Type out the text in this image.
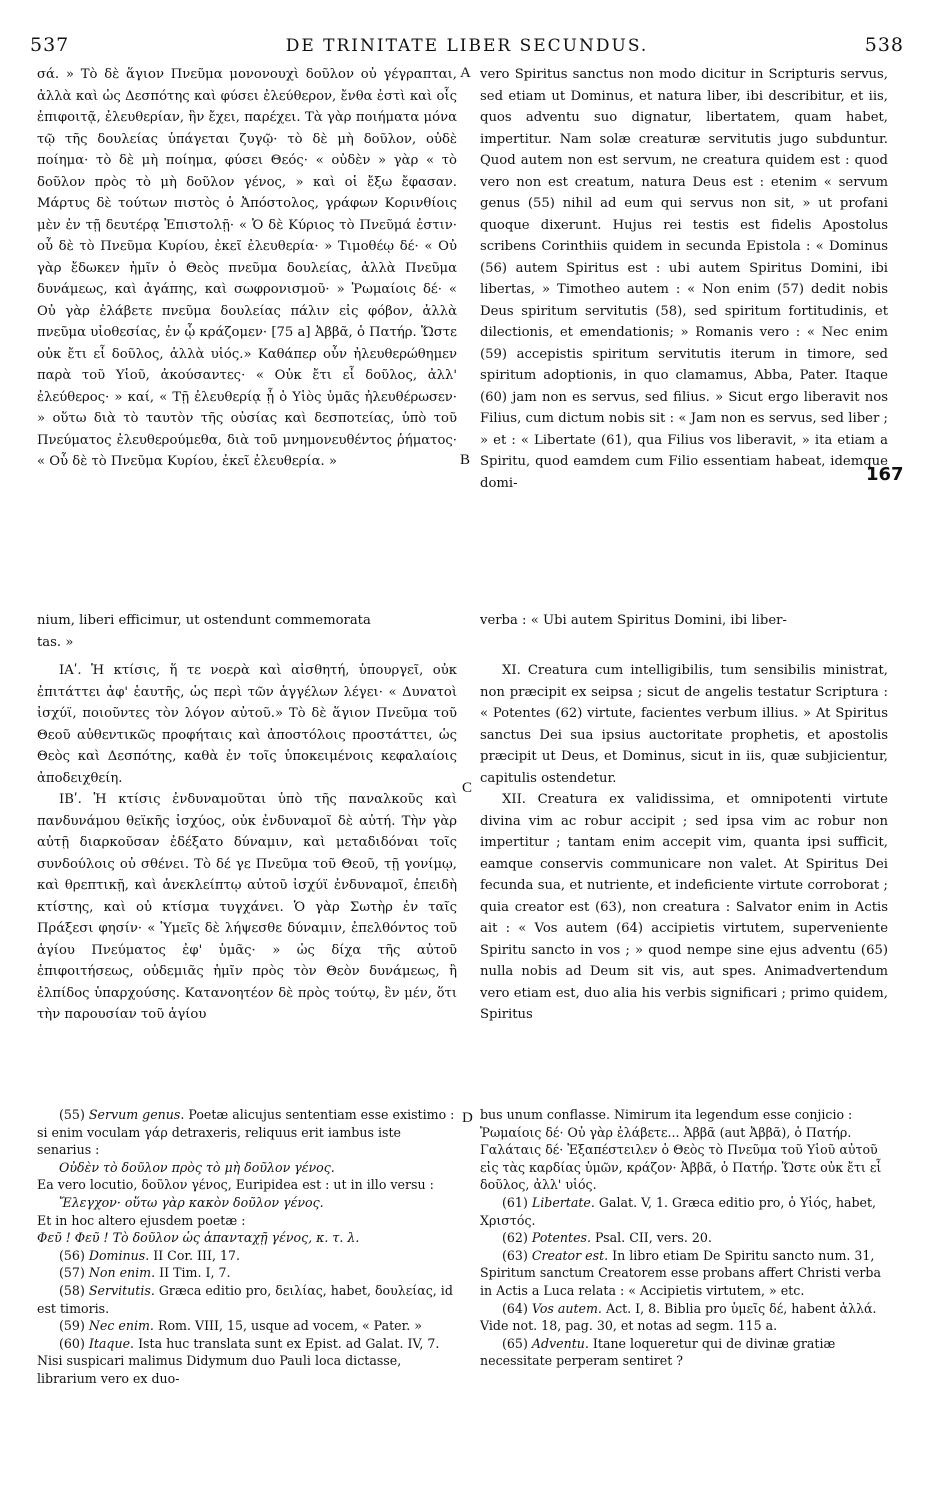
537	DE TRINITATE LIBER SECUNDUS.	538

σά. » Τὸ δὲ ἅγιον Πνεῦμα μονονουχὶ δοῦλον οὐ γέγραπται, ἀλλὰ καὶ ὡς Δεσπότης καὶ φύσει ἐλεύθερον, ἔνθα ἐστὶ καὶ οἷς ἐπιφοιτᾷ, ἐλευθερίαν, ἣν ἔχει, παρέχει. Τὰ γὰρ ποιήματα μόνα τῷ τῆς δουλείας ὑπάγεται ζυγῷ· τὸ δὲ μὴ δοῦλον, οὐδὲ ποίημα· τὸ δὲ μὴ ποίημα, φύσει Θεός· « οὐδὲν » γὰρ « τὸ δοῦλον πρὸς τὸ μὴ δοῦλον γένος, » καὶ οἱ ἔξω ἔφασαν. Μάρτυς δὲ τούτων πιστὸς ὁ Ἀπόστολος, γράφων Κορινθίοις μὲν ἐν τῇ δευτέρᾳ Ἐπιστολῇ· « Ὁ δὲ Κύριος τὸ Πνεῦμά ἐστιν· οὗ δὲ τὸ Πνεῦμα Κυρίου, ἐκεῖ ἐλευθερία· » Τιμοθέῳ δέ· « Οὐ γὰρ ἔδωκεν ἡμῖν ὁ Θεὸς πνεῦμα δουλείας, ἀλλὰ Πνεῦμα δυνάμεως, καὶ ἀγάπης, καὶ σωφρονισμοῦ· » Ῥωμαίοις δέ· « Οὐ γὰρ ἐλάβετε πνεῦμα δουλείας πάλιν εἰς φόβον, ἀλλὰ πνεῦμα υἱοθεσίας, ἐν ᾧ κράζομεν· [75 a] Ἀββᾶ, ὁ Πατήρ. Ὥστε οὐκ ἔτι εἶ δοῦλος, ἀλλὰ υἱός.» Καθάπερ οὖν ἠλευθερώθημεν παρὰ τοῦ Υἱοῦ, ἀκούσαντες· « Οὐκ ἔτι εἶ δοῦλος, ἀλλ' ἐλεύθερος· » καί, « Τῇ ἐλευθερίᾳ ᾗ ὁ Υἱὸς ὑμᾶς ἠλευθέρωσεν· » οὕτω διὰ τὸ ταυτὸν τῆς οὐσίας καὶ δεσποτείας, ὑπὸ τοῦ Πνεύματος ἐλευθερούμεθα, διὰ τοῦ μνημονευθέντος ῥήματος· « Οὗ δὲ τὸ Πνεῦμα Κυρίου, ἐκεῖ ἐλευθερία. »

vero Spiritus sanctus non modo dicitur in Scripturis servus, sed etiam ut Dominus, et natura liber, ibi describitur, et iis, quos adventu suo dignatur, libertatem, quam habet, impertitur. Nam solæ creaturæ servitutis jugo subduntur. Quod autem non est servum, ne creatura quidem est : quod vero non est creatum, natura Deus est : etenim « servum genus (55) nihil ad eum qui servus non sit, » ut profani quoque dixerunt. Hujus rei testis est fidelis Apostolus scribens Corinthiis quidem in secunda Epistola : « Dominus (56) autem Spiritus est : ubi autem Spiritus Domini, ibi libertas, » Timotheo autem : « Non enim (57) dedit nobis Deus spiritum servitutis (58), sed spiritum fortitudinis, et dilectionis, et emendationis; » Romanis vero : « Nec enim (59) accepistis spiritum servitutis iterum in timore, sed spiritum adoptionis, in quo clamamus, Abba, Pater. Itaque (60) jam non es servus, sed filius. » Sicut ergo liberavit nos Filius, cum dictum nobis sit : « Jam non es servus, sed liber ; » et : « Libertate (61), qua Filius vos liberavit, » ita etiam a Spiritu, quod eamdem cum Filio essentiam habeat, idemque domi-

A
B
167
nium, liberi efficimur, ut ostendunt commemorata	verba : « Ubi autem Spiritus Domini, ibi liber-
tas. »

ΙΑʹ. Ἡ κτίσις, ἥ τε νοερὰ καὶ αἰσθητή, ὑπουργεῖ, οὐκ ἐπιτάττει ἀφ' ἑαυτῆς, ὡς περὶ τῶν ἀγγέλων λέγει· « Δυνατοὶ ἰσχύϊ, ποιοῦντες τὸν λόγον αὐτοῦ.» Τὸ δὲ ἅγιον Πνεῦμα τοῦ Θεοῦ αὐθεντικῶς προφήταις καὶ ἀποστόλοις προστάττει, ὡς Θεὸς καὶ Δεσπότης, καθὰ ἐν τοῖς ὑποκειμένοις κεφαλαίοις ἀποδειχθείη.

ΙΒʹ. Ἡ κτίσις ἐνδυναμοῦται ὑπὸ τῆς παναλκοῦς καὶ πανδυνάμου θεϊκῆς ἰσχύος, οὐκ ἐνδυναμοῖ δὲ αὐτή. Τὴν γὰρ αὐτῇ διαρκοῦσαν ἐδέξατο δύναμιν, καὶ μεταδιδόναι τοῖς συνδούλοις οὐ σθένει. Τὸ δέ γε Πνεῦμα τοῦ Θεοῦ, τῇ γονίμῳ, καὶ θρεπτικῇ, καὶ ἀνεκλείπτῳ αὐτοῦ ἰσχύϊ ἐνδυναμοῖ, ἐπειδὴ κτίστης, καὶ οὐ κτίσμα τυγχάνει. Ὁ γὰρ Σωτὴρ ἐν ταῖς Πράξεσι φησίν· « Ὑμεῖς δὲ λήψεσθε δύναμιν, ἐπελθόντος τοῦ ἁγίου Πνεύματος ἐφ' ὑμᾶς· » ὡς δίχα τῆς αὐτοῦ ἐπιφοιτήσεως, οὐδεμιᾶς ἡμῖν πρὸς τὸν Θεὸν δυνάμεως, ἢ ἐλπίδος ὑπαρχούσης. Κατανοητέον δὲ πρὸς τούτῳ, ἓν μέν, ὅτι τὴν παρουσίαν τοῦ ἁγίου

XI. Creatura cum intelligibilis, tum sensibilis ministrat, non præcipit ex seipsa ; sicut de angelis testatur Scriptura : « Potentes (62) virtute, facientes verbum illius. » At Spiritus sanctus Dei sua ipsius auctoritate prophetis, et apostolis præcipit ut Deus, et Dominus, sicut in iis, quæ subjicientur, capitulis ostendetur.

XII. Creatura ex validissima, et omnipotenti virtute divina vim ac robur accipit ; sed ipsa vim ac robur non impertitur ; tantam enim accepit vim, quanta ipsi sufficit, eamque conservis communicare non valet. At Spiritus Dei fecunda sua, et nutriente, et indeficiente virtute corroborat ; quia creator est (63), non creatura : Salvator enim in Actis ait : « Vos autem (64) accipietis virtutem, superveniente Spiritu sancto in vos ; » quod nempe sine ejus adventu (65) nulla nobis ad Deum sit vis, aut spes. Animadvertendum vero etiam est, duo alia his verbis significari ; primo quidem, Spiritus

C
D

(55) Servum genus. Poetæ alicujus sententiam esse existimo : si enim voculam γάρ detraxeris, reliquus erit iambus iste senarius :

Οὐδὲν τὸ δοῦλον πρὸς τὸ μὴ δοῦλον γένος.

Ea vero locutio, δοῦλον γένος, Euripidea est : ut in illo versu :

Ἔλεγχον· οὕτω γὰρ κακὸν δοῦλον γένος.

Et in hoc altero ejusdem poetæ :

Φεῦ ! Φεῦ ! Τὸ δοῦλον ὡς ἁπανταχῇ γένος, κ. τ. λ.

(56) Dominus. II Cor. III, 17.

(57) Non enim. II Tim. I, 7.

(58) Servitutis. Græca editio pro, δειλίας, habet, δουλείας, id est timoris.

(59) Nec enim. Rom. VIII, 15, usque ad vocem, « Pater. »

(60) Itaque. Ista huc translata sunt ex Epist. ad Galat. IV, 7. Nisi suspicari malimus Didymum duo Pauli loca dictasse, librarium vero ex duo-

bus unum conflasse. Nimirum ita legendum esse conjicio : Ῥωμαίοις δέ· Οὐ γὰρ ἐλάβετε... Ἀββᾶ (aut Ἀββᾶ), ὁ Πατήρ. Γαλάταις δέ· Ἐξαπέστειλεν ὁ Θεὸς τὸ Πνεῦμα τοῦ Υἱοῦ αὐτοῦ εἰς τὰς καρδίας ὑμῶν, κράζον· Ἀββᾶ, ὁ Πατήρ. Ὥστε οὐκ ἔτι εἶ δοῦλος, ἀλλ' υἱός.

(61) Libertate. Galat. V, 1. Græca editio pro, ὁ Υἱός, habet, Χριστός.

(62) Potentes. Psal. CII, vers. 20.

(63) Creator est. In libro etiam De Spiritu sancto num. 31, Spiritum sanctum Creatorem esse probans affert Christi verba in Actis a Luca relata : « Accipietis virtutem, » etc.

(64) Vos autem. Act. I, 8. Biblia pro ὑμεῖς δέ, habent ἀλλά. Vide not. 18, pag. 30, et notas ad segm. 115 a.

(65) Adventu. Itane loqueretur qui de divinæ gratiæ necessitate perperam sentiret ?
